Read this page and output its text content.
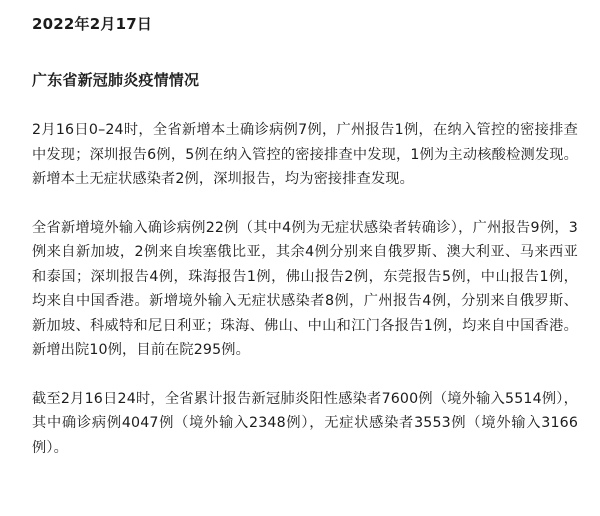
2022年2月17日

广东省新冠肺炎疫情情况

2月16日0–24时，全省新增本土确诊病例7例，广州报告1例，在纳入管控的密接排查中发现；深圳报告6例，5例在纳入管控的密接排查中发现，1例为主动核酸检测发现。新增本土无症状感染者2例，深圳报告，均为密接排查发现。

全省新增境外输入确诊病例22例（其中4例为无症状感染者转确诊），广州报告9例，3例来自新加坡，2例来自埃塞俄比亚，其余4例分别来自俄罗斯、澳大利亚、马来西亚和泰国；深圳报告4例，珠海报告1例，佛山报告2例，东莞报告5例，中山报告1例，均来自中国香港。新增境外输入无症状感染者8例，广州报告4例，分别来自俄罗斯、新加坡、科威特和尼日利亚；珠海、佛山、中山和江门各报告1例，均来自中国香港。新增出院10例，目前在院295例。

截至2月16日24时，全省累计报告新冠肺炎阳性感染者7600例（境外输入5514例），其中确诊病例4047例（境外输入2348例），无症状感染者3553例（境外输入3166例）。
